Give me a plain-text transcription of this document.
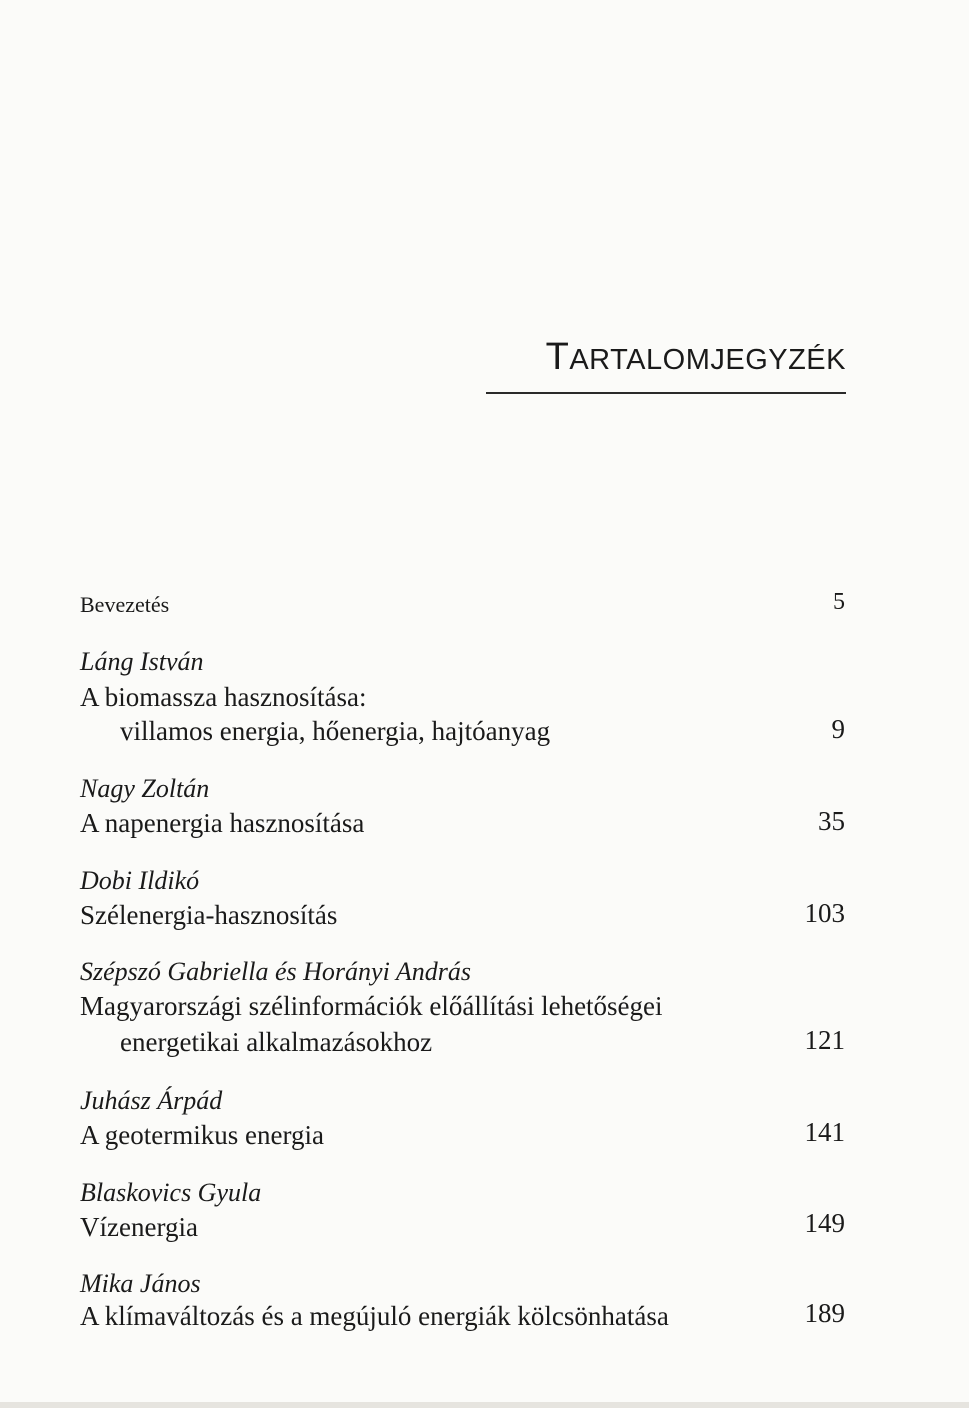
TARTALOMJEGYZÉK
Bevezetés	5
Láng István
A biomassza hasznosítása:
villamos energia, hőenergia, hajtóanyag	9
Nagy Zoltán
A napenergia hasznosítása	35
Dobi Ildikó
Szélenergia-hasznosítás	103
Szépszó Gabriella és Horányi András
Magyarországi szélinformációk előállítási lehetőségei
energetikai alkalmazásokhoz	121
Juhász Árpád
A geotermikus energia	141
Blaskovics Gyula
Vízenergia	149
Mika János
A klímaváltozás és a megújuló energiák kölcsönhatása	189
